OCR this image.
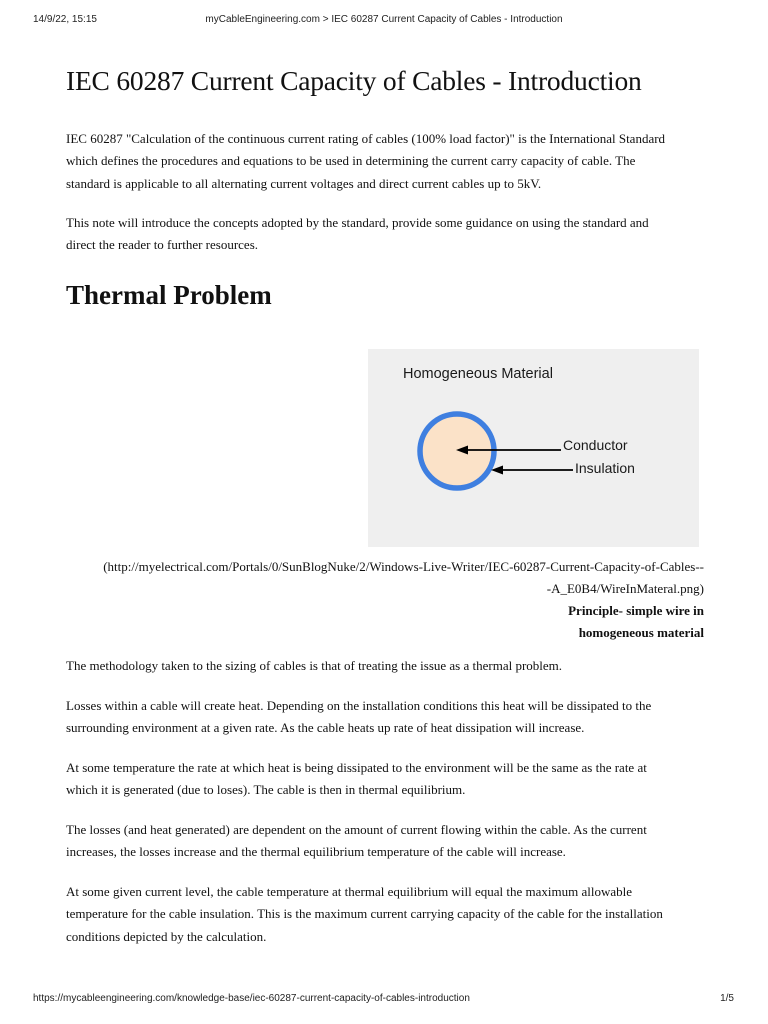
14/9/22, 15:15	myCableEngineering.com > IEC 60287 Current Capacity of Cables - Introduction
IEC 60287 Current Capacity of Cables - Introduction

IEC 60287 "Calculation of the continuous current rating of cables (100% load factor)" is the International Standard
which defines the procedures and equations to be used in determining the current carry capacity of cable. The
standard is applicable to all alternating current voltages and direct current cables up to 5kV.

This note will introduce the concepts adopted by the standard, provide some guidance on using the standard and
direct the reader to further resources.

Thermal Problem
Homogeneous Material
Conductor
Insulation
(http://myelectrical.com/Portals/0/SunBlogNuke/2/Windows-Live-Writer/IEC-60287-Current-Capacity-of-Cables--
-A_E0B4/WireInMateral.png)
Principle- simple wire in
homogeneous material

The methodology taken to the sizing of cables is that of treating the issue as a thermal problem.

Losses within a cable will create heat. Depending on the installation conditions this heat will be dissipated to the
surrounding environment at a given rate. As the cable heats up rate of heat dissipation will increase.

At some temperature the rate at which heat is being dissipated to the environment will be the same as the rate at
which it is generated (due to loses). The cable is then in thermal equilibrium.

The losses (and heat generated) are dependent on the amount of current flowing within the cable. As the current
increases, the losses increase and the thermal equilibrium temperature of the cable will increase.

At some given current level, the cable temperature at thermal equilibrium will equal the maximum allowable
temperature for the cable insulation. This is the maximum current carrying capacity of the cable for the installation
conditions depicted by the calculation.

https://mycableengineering.com/knowledge-base/iec-60287-current-capacity-of-cables-introduction	1/5
